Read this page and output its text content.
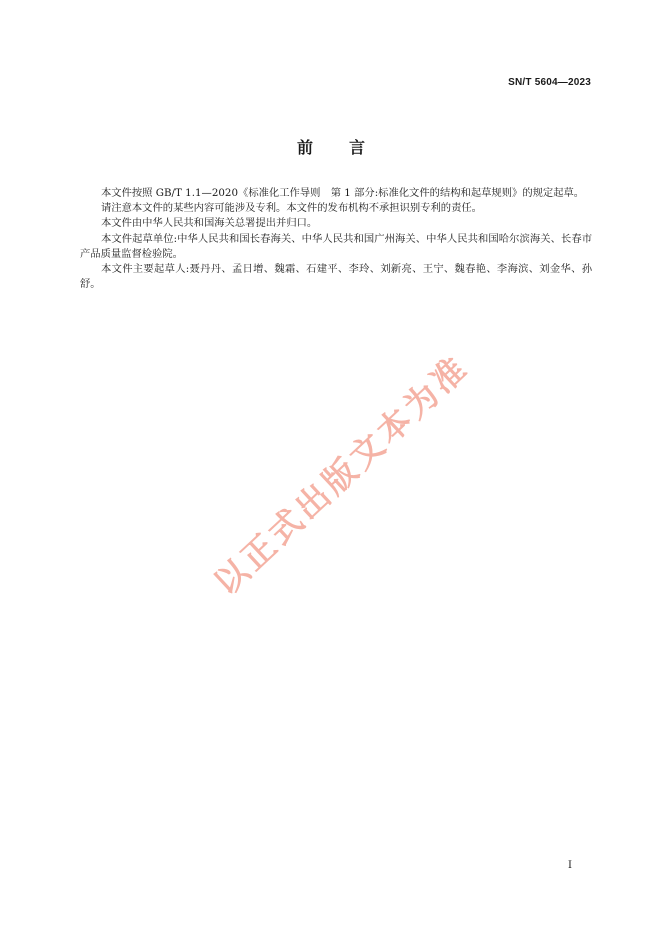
SN/T 5604—2023
前言

本文件按照 GB/T 1.1—2020《标准化工作导则　第 1 部分:标准化文件的结构和起草规则》的规定起草。

请注意本文件的某些内容可能涉及专利。本文件的发布机构不承担识别专利的责任。

本文件由中华人民共和国海关总署提出并归口。

本文件起草单位:中华人民共和国长春海关、中华人民共和国广州海关、中华人民共和国哈尔滨海关、长春市产品质量监督检验院。

本文件主要起草人:聂丹丹、孟日增、魏霜、石建平、李玲、刘新亮、王宁、魏春艳、李海滨、刘金华、孙舒。

以正式出版文本为准
I
